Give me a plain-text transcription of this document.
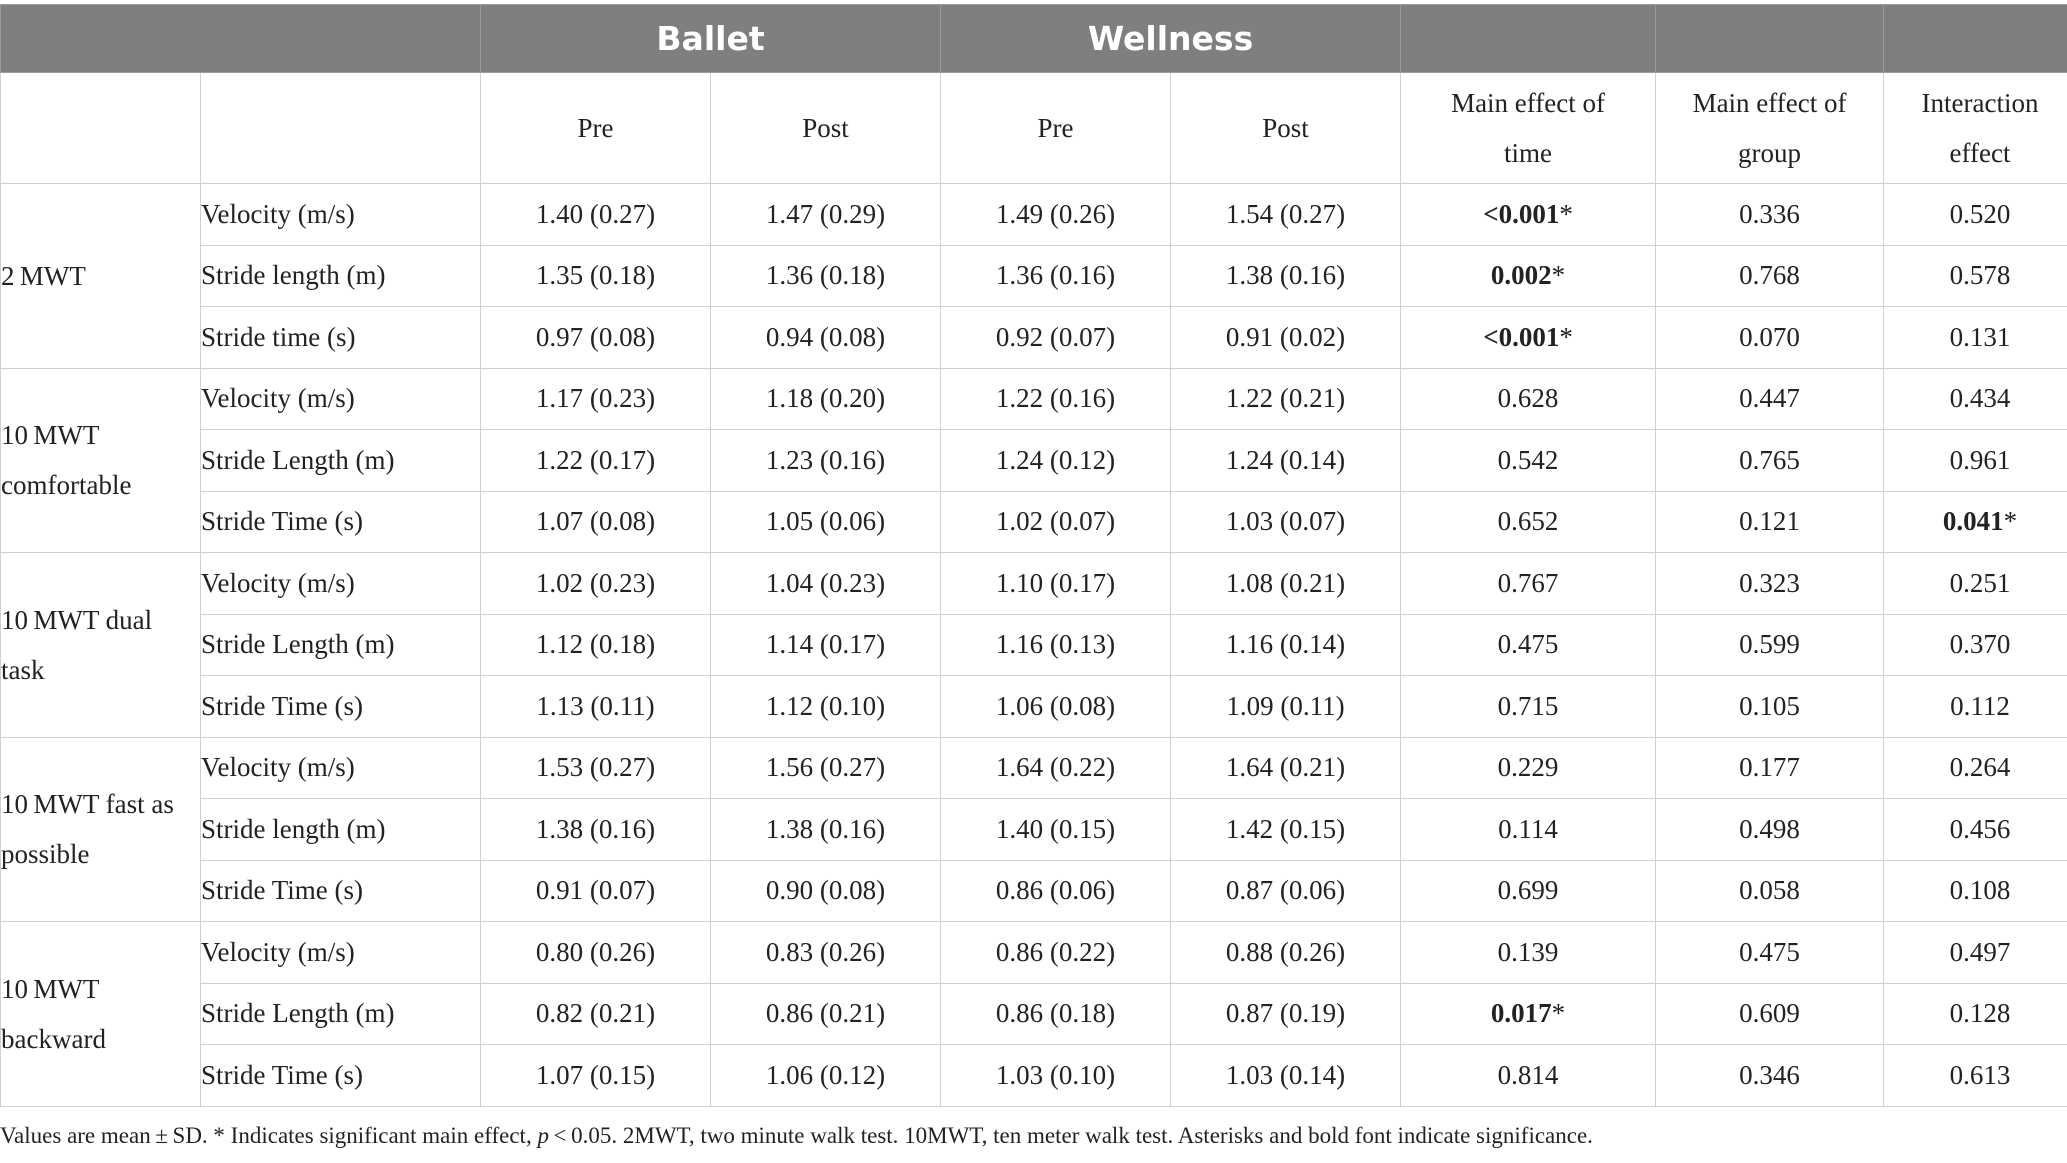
		Ballet		Wellness				
		Pre	Post	Pre	Post	Main effect of time	Main effect of group	Interaction effect
2 MWT	Velocity (m/s)	1.40 (0.27)	1.47 (0.29)	1.49 (0.26)	1.54 (0.27)	<0.001*	0.336	0.520
	Stride length (m)	1.35 (0.18)	1.36 (0.18)	1.36 (0.16)	1.38 (0.16)	0.002*	0.768	0.578
	Stride time (s)	0.97 (0.08)	0.94 (0.08)	0.92 (0.07)	0.91 (0.02)	<0.001*	0.070	0.131
10 MWT comfortable	Velocity (m/s)	1.17 (0.23)	1.18 (0.20)	1.22 (0.16)	1.22 (0.21)	0.628	0.447	0.434
	Stride Length (m)	1.22 (0.17)	1.23 (0.16)	1.24 (0.12)	1.24 (0.14)	0.542	0.765	0.961
	Stride Time (s)	1.07 (0.08)	1.05 (0.06)	1.02 (0.07)	1.03 (0.07)	0.652	0.121	0.041*
10 MWT dual task	Velocity (m/s)	1.02 (0.23)	1.04 (0.23)	1.10 (0.17)	1.08 (0.21)	0.767	0.323	0.251
	Stride Length (m)	1.12 (0.18)	1.14 (0.17)	1.16 (0.13)	1.16 (0.14)	0.475	0.599	0.370
	Stride Time (s)	1.13 (0.11)	1.12 (0.10)	1.06 (0.08)	1.09 (0.11)	0.715	0.105	0.112
10 MWT fast as possible	Velocity (m/s)	1.53 (0.27)	1.56 (0.27)	1.64 (0.22)	1.64 (0.21)	0.229	0.177	0.264
	Stride length (m)	1.38 (0.16)	1.38 (0.16)	1.40 (0.15)	1.42 (0.15)	0.114	0.498	0.456
	Stride Time (s)	0.91 (0.07)	0.90 (0.08)	0.86 (0.06)	0.87 (0.06)	0.699	0.058	0.108
10 MWT backward	Velocity (m/s)	0.80 (0.26)	0.83 (0.26)	0.86 (0.22)	0.88 (0.26)	0.139	0.475	0.497
	Stride Length (m)	0.82 (0.21)	0.86 (0.21)	0.86 (0.18)	0.87 (0.19)	0.017*	0.609	0.128
	Stride Time (s)	1.07 (0.15)	1.06 (0.12)	1.03 (0.10)	1.03 (0.14)	0.814	0.346	0.613
Values are mean ± SD. * Indicates significant main effect, p < 0.05. 2MWT, two minute walk test. 10MWT, ten meter walk test. Asterisks and bold font indicate significance.
